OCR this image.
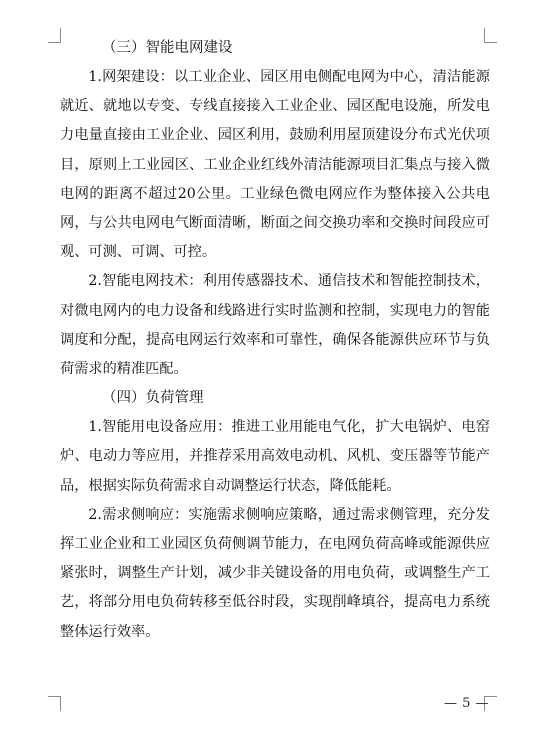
（三）智能电网建设

1.网架建设：以工业企业、园区用电侧配电网为中心，清洁能源就近、就地以专变、专线直接接入工业企业、园区配电设施，所发电力电量直接由工业企业、园区利用，鼓励利用屋顶建设分布式光伏项目，原则上工业园区、工业企业红线外清洁能源项目汇集点与接入微电网的距离不超过20公里。工业绿色微电网应作为整体接入公共电网，与公共电网电气断面清晰，断面之间交换功率和交换时间段应可观、可测、可调、可控。

2.智能电网技术：利用传感器技术、通信技术和智能控制技术，对微电网内的电力设备和线路进行实时监测和控制，实现电力的智能调度和分配，提高电网运行效率和可靠性，确保各能源供应环节与负荷需求的精准匹配。

（四）负荷管理

1.智能用电设备应用：推进工业用能电气化，扩大电锅炉、电窑炉、电动力等应用，并推荐采用高效电动机、风机、变压器等节能产品，根据实际负荷需求自动调整运行状态，降低能耗。

2.需求侧响应：实施需求侧响应策略，通过需求侧管理，充分发挥工业企业和工业园区负荷侧调节能力，在电网负荷高峰或能源供应紧张时，调整生产计划，减少非关键设备的用电负荷，或调整生产工艺，将部分用电负荷转移至低谷时段，实现削峰填谷，提高电力系统整体运行效率。

— 5 —
